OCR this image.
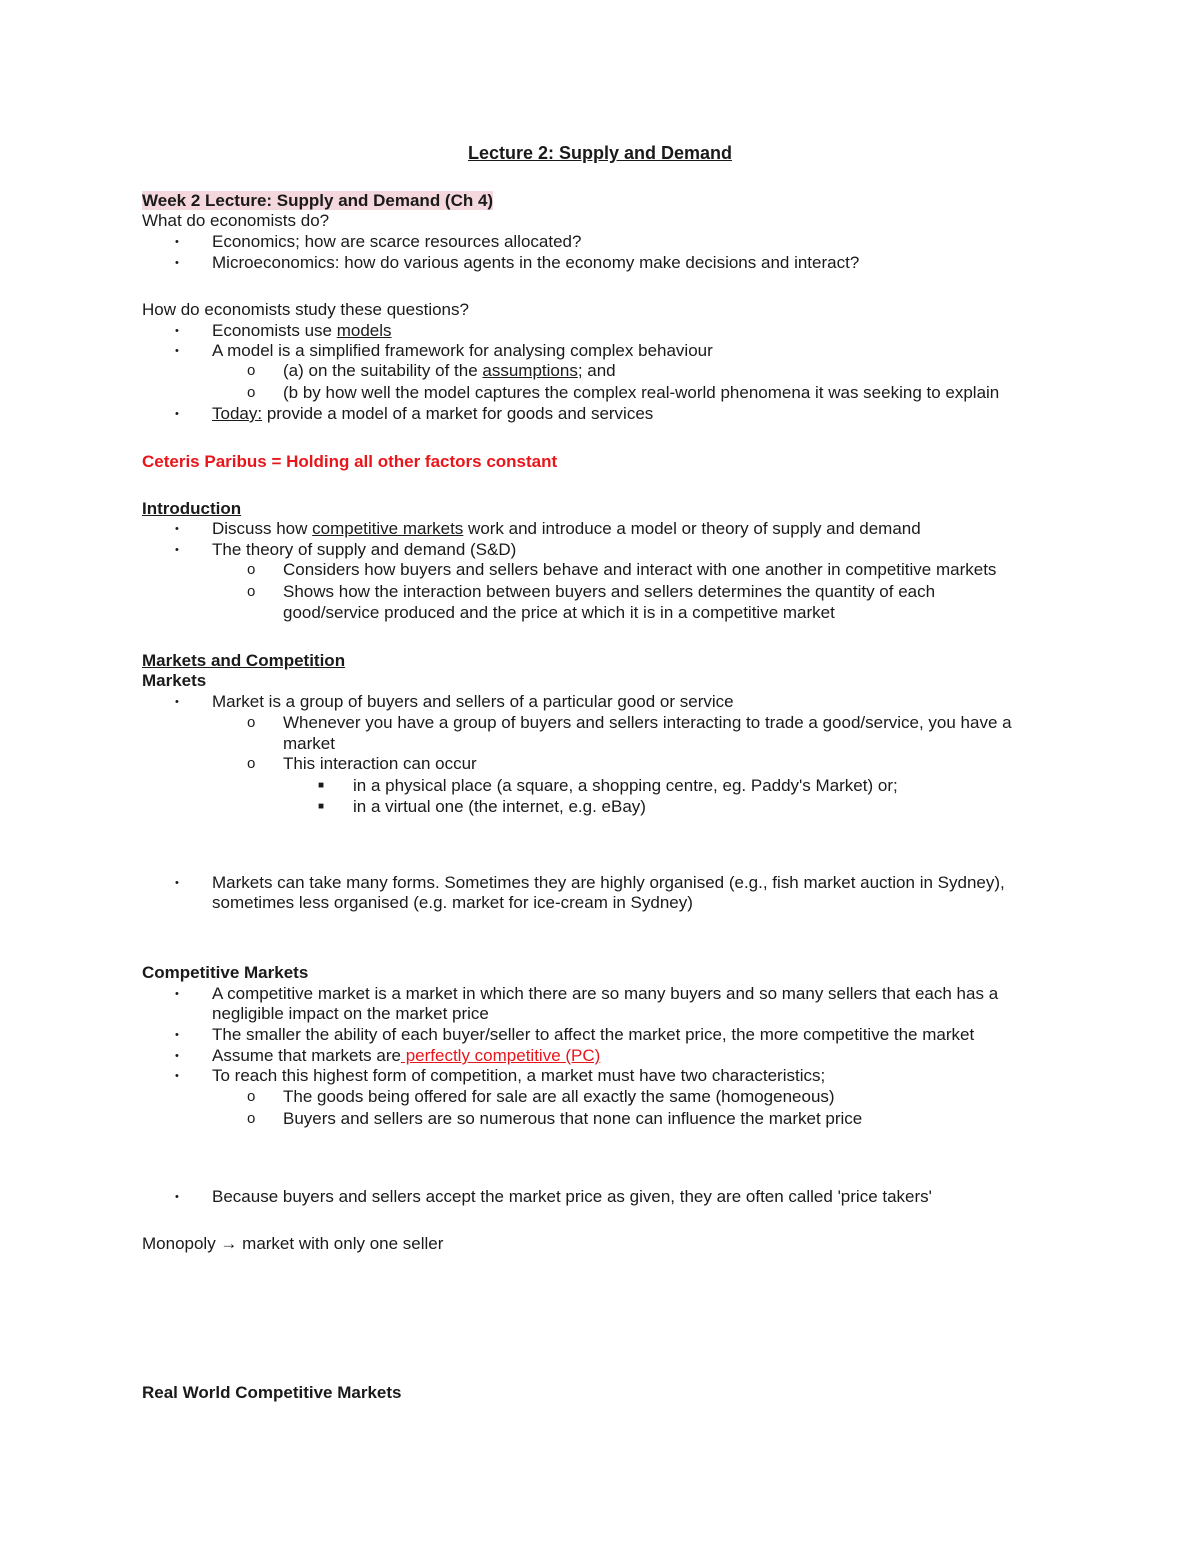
Lecture 2: Supply and Demand
Week 2 Lecture: Supply and Demand (Ch 4)
What do economists do?
• Economics; how are scarce resources allocated?
• Microeconomics: how do various agents in the economy make decisions and interact?
How do economists study these questions?
• Economists use models
• A model is a simplified framework for analysing complex behaviour
o (a) on the suitability of the assumptions; and
o (b by how well the model captures the complex real-world phenomena it was seeking to explain
• Today: provide a model of a market for goods and services
Ceteris Paribus = Holding all other factors constant
Introduction
• Discuss how competitive markets work and introduce a model or theory of supply and demand
• The theory of supply and demand (S&D)
o Considers how buyers and sellers behave and interact with one another in competitive markets
o Shows how the interaction between buyers and sellers determines the quantity of each
good/service produced and the price at which it is in a competitive market
Markets and Competition
Markets
• Market is a group of buyers and sellers of a particular good or service
o Whenever you have a group of buyers and sellers interacting to trade a good/service, you have a
market
o This interaction can occur
■ in a physical place (a square, a shopping centre, eg. Paddy's Market) or;
■ in a virtual one (the internet, e.g. eBay)
• Markets can take many forms. Sometimes they are highly organised (e.g., fish market auction in Sydney),
sometimes less organised (e.g. market for ice-cream in Sydney)
Competitive Markets
• A competitive market is a market in which there are so many buyers and so many sellers that each has a
negligible impact on the market price
• The smaller the ability of each buyer/seller to affect the market price, the more competitive the market
• Assume that markets are perfectly competitive (PC)
• To reach this highest form of competition, a market must have two characteristics;
o The goods being offered for sale are all exactly the same (homogeneous)
o Buyers and sellers are so numerous that none can influence the market price
• Because buyers and sellers accept the market price as given, they are often called 'price takers'
Monopoly → market with only one seller
Real World Competitive Markets
